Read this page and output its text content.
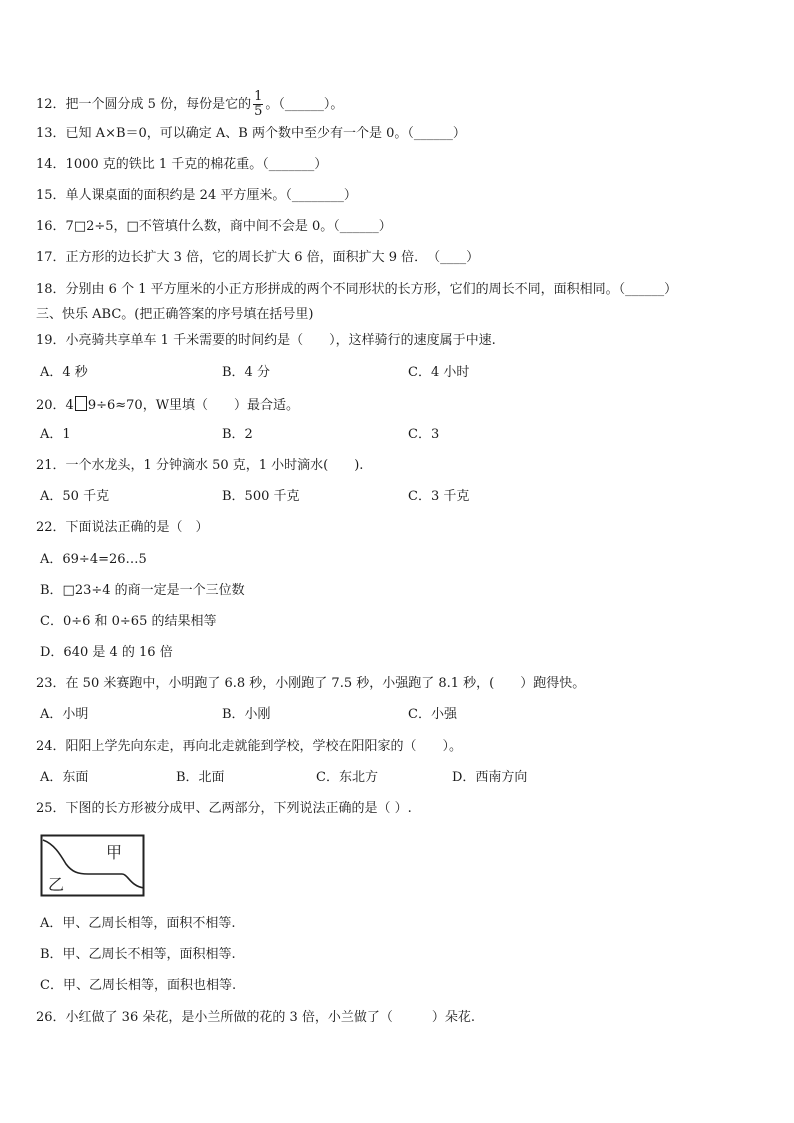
12．把一个圆分成 5 份，每份是它的 $\frac{1}{5}$ 。（______）。
13．已知 A×B＝0，可以确定 A、B 两个数中至少有一个是 0。（______）
14．1000 克的铁比 1 千克的棉花重。（_______）
15．单人课桌面的面积约是 24 平方厘米。（________）
16．7□2÷5，□不管填什么数，商中间不会是 0。（______）
17．正方形的边长扩大 3 倍，它的周长扩大 6 倍，面积扩大 9 倍．　（____）
18．分别由 6 个 1 平方厘米的小正方形拼成的两个不同形状的长方形，它们的周长不同，面积相同。（______）
三、快乐 ABC。(把正确答案的序号填在括号里)
19．小亮骑共享单车 1 千米需要的时间约是（　　），这样骑行的速度属于中速.
A．4 秒	B．4 分	C．4 小时
20．4 9÷6≈70，W里填（　　）最合适。
A．1	B．2	C．3
21．一个水龙头，1 分钟滴水 50 克，1 小时滴水(　　).
A．50 千克	B．500 千克	C．3 千克
22．下面说法正确的是（　）
A．69÷4=26…5
B．□23÷4 的商一定是一个三位数
C．0÷6 和 0÷65 的结果相等
D．640 是 4 的 16 倍
23．在 50 米赛跑中，小明跑了 6.8 秒，小刚跑了 7.5 秒，小强跑了 8.1 秒，(　　）跑得快。
A．小明	B．小刚	C．小强
24．阳阳上学先向东走，再向北走就能到学校，学校在阳阳家的（　　）。
A．东面	B．北面	C．东北方	D．西南方向
25．下图的长方形被分成甲、乙两部分，下列说法正确的是（ ）.
甲
乙
A．甲、乙周长相等，面积不相等.
B．甲、乙周长不相等，面积相等.
C．甲、乙周长相等，面积也相等.
26．小红做了 36 朵花，是小兰所做的花的 3 倍，小兰做了（　　　）朵花.
